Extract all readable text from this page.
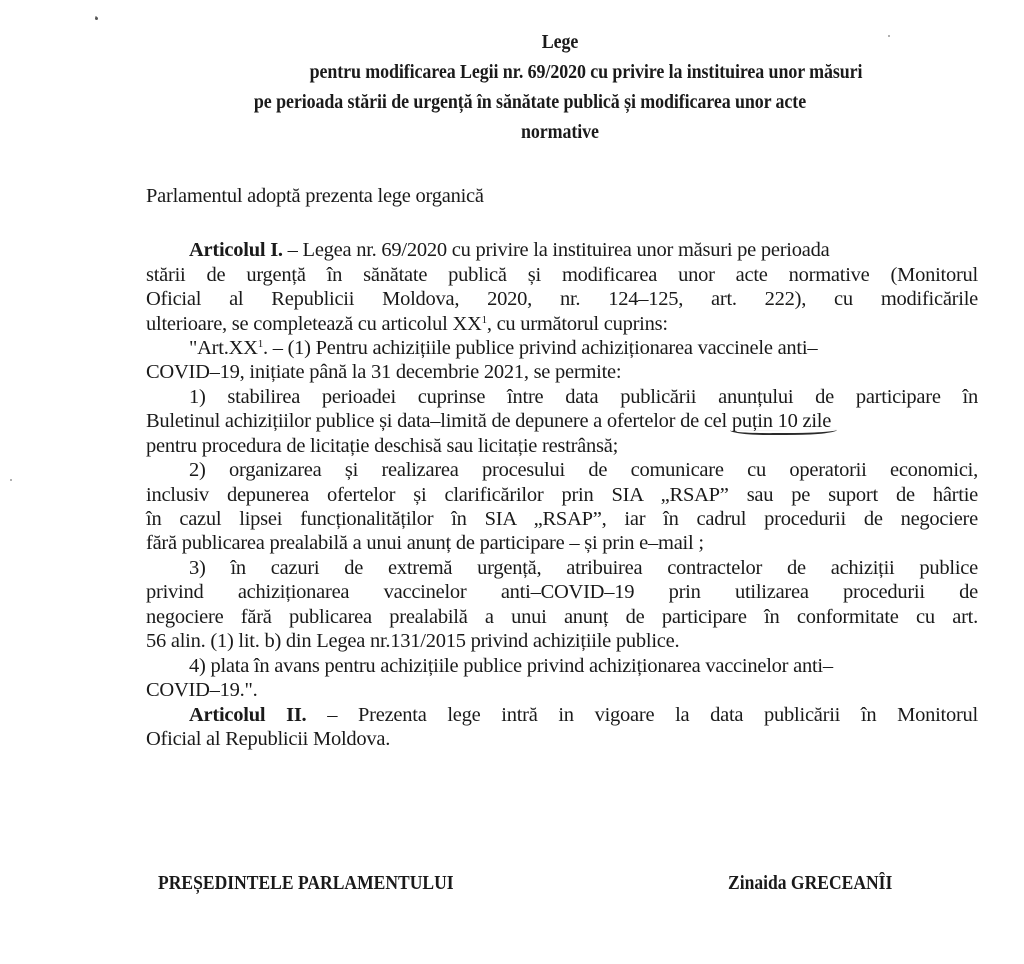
Lege
pentru modificarea Legii nr. 69/2020 cu privire la instituirea unor măsuri
pe perioada stării de urgență în sănătate publică și modificarea unor acte
normative
Parlamentul adoptă prezenta lege organică
Articolul I. – Legea nr. 69/2020 cu privire la instituirea unor măsuri pe perioada
stării de urgență în sănătate publică și modificarea unor acte normative (Monitorul
Oficial al Republicii Moldova, 2020, nr. 124–125, art. 222), cu modificările
ulterioare, se completează cu articolul $XX^1$, cu următorul cuprins:
"$Art.XX^1$. – (1) Pentru achizițiile publice privind achiziționarea vaccinele anti–
COVID–19, inițiate până la 31 decembrie 2021, se permite:
1) stabilirea perioadei cuprinse între data publicării anunțului de participare în
Buletinul achizițiilor publice și data–limită de depunere a ofertelor de cel puțin 10 zile
pentru procedura de licitație deschisă sau licitație restrânsă;
2) organizarea și realizarea procesului de comunicare cu operatorii economici,
inclusiv depunerea ofertelor și clarificărilor prin SIA „RSAP” sau pe suport de hârtie
în cazul lipsei funcționalităților în SIA „RSAP”, iar în cadrul procedurii de negociere
fără publicarea prealabilă a unui anunț de participare – și prin e–mail ;
3) în cazuri de extremă urgență, atribuirea contractelor de achiziții publice
privind achiziționarea vaccinelor anti–COVID–19 prin utilizarea procedurii de
negociere fără publicarea prealabilă a unui anunț de participare în conformitate cu art.
56 alin. (1) lit. b) din Legea nr.131/2015 privind achizițiile publice.
4) plata în avans pentru achizițiile publice privind achiziționarea vaccinelor anti–
COVID–19.".
Articolul II. – Prezenta lege intră in vigoare la data publicării în Monitorul
Oficial al Republicii Moldova.
PREȘEDINTELE PARLAMENTULUI	Zinaida GRECEANÎI
